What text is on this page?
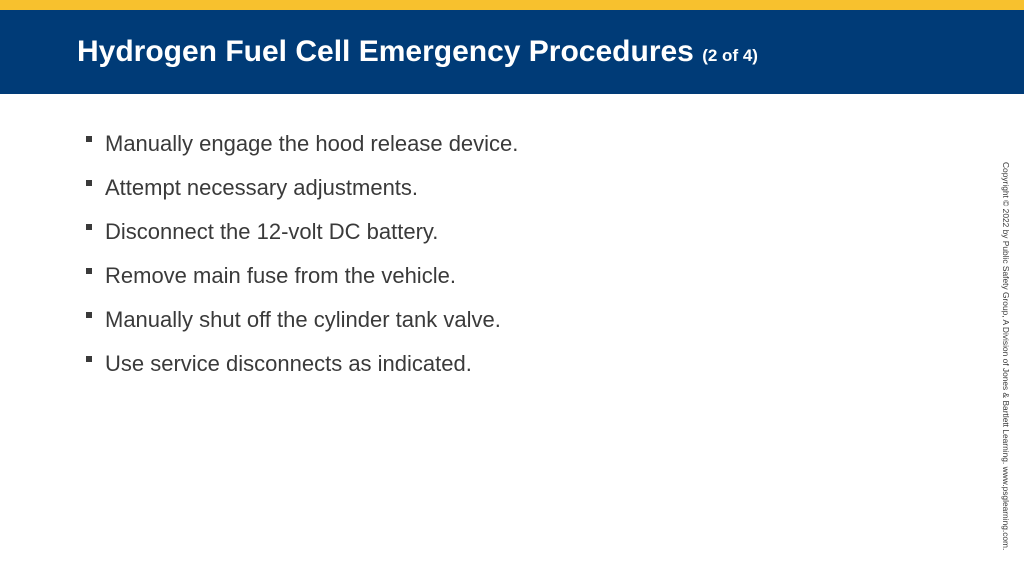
Hydrogen Fuel Cell Emergency Procedures (2 of 4)
Manually engage the hood release device.
Attempt necessary adjustments.
Disconnect the 12-volt DC battery.
Remove main fuse from the vehicle.
Manually shut off the cylinder tank valve.
Use service disconnects as indicated.	Copyright © 2022 by Public Safety Group, A Division of Jones & Bartlett Learning. www.psglearning.com.
